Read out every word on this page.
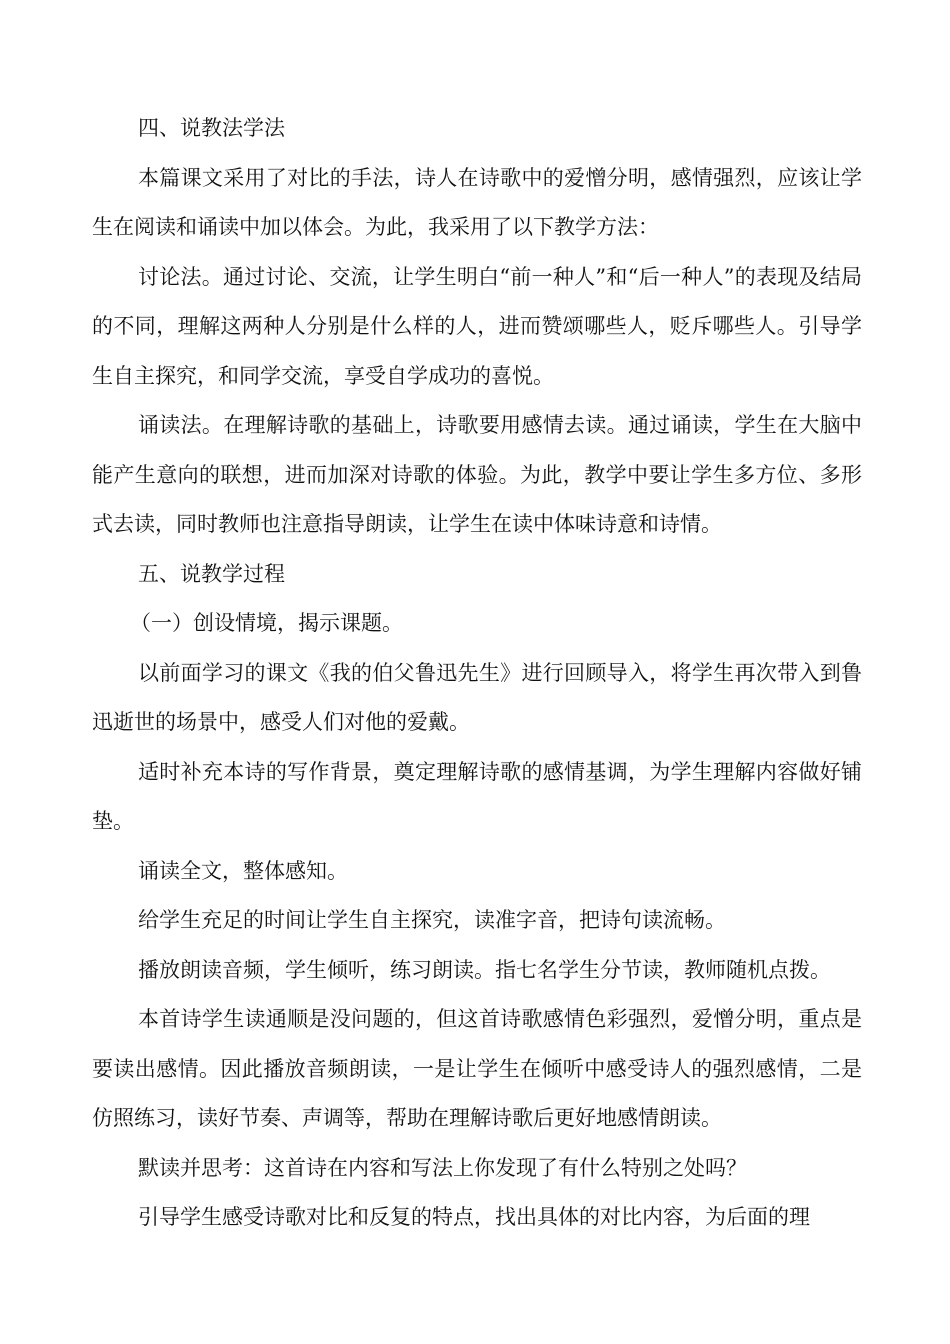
四、说教法学法

本篇课文采用了对比的手法，诗人在诗歌中的爱憎分明，感情强烈，应该让学生在阅读和诵读中加以体会。为此，我采用了以下教学方法：

讨论法。通过讨论、交流，让学生明白“前一种人”和“后一种人”的表现及结局的不同，理解这两种人分别是什么样的人，进而赞颂哪些人，贬斥哪些人。引导学生自主探究，和同学交流，享受自学成功的喜悦。

诵读法。在理解诗歌的基础上，诗歌要用感情去读。通过诵读，学生在大脑中能产生意向的联想，进而加深对诗歌的体验。为此，教学中要让学生多方位、多形式去读，同时教师也注意指导朗读，让学生在读中体味诗意和诗情。

五、说教学过程

（一）创设情境，揭示课题。

以前面学习的课文《我的伯父鲁迅先生》进行回顾导入，将学生再次带入到鲁迅逝世的场景中，感受人们对他的爱戴。

适时补充本诗的写作背景，奠定理解诗歌的感情基调，为学生理解内容做好铺垫。

诵读全文，整体感知。

给学生充足的时间让学生自主探究，读准字音，把诗句读流畅。

播放朗读音频，学生倾听，练习朗读。指七名学生分节读，教师随机点拨。

本首诗学生读通顺是没问题的，但这首诗歌感情色彩强烈，爱憎分明，重点是要读出感情。因此播放音频朗读，一是让学生在倾听中感受诗人的强烈感情，二是仿照练习，读好节奏、声调等，帮助在理解诗歌后更好地感情朗读。

默读并思考：这首诗在内容和写法上你发现了有什么特别之处吗？

引导学生感受诗歌对比和反复的特点，找出具体的对比内容，为后面的理
